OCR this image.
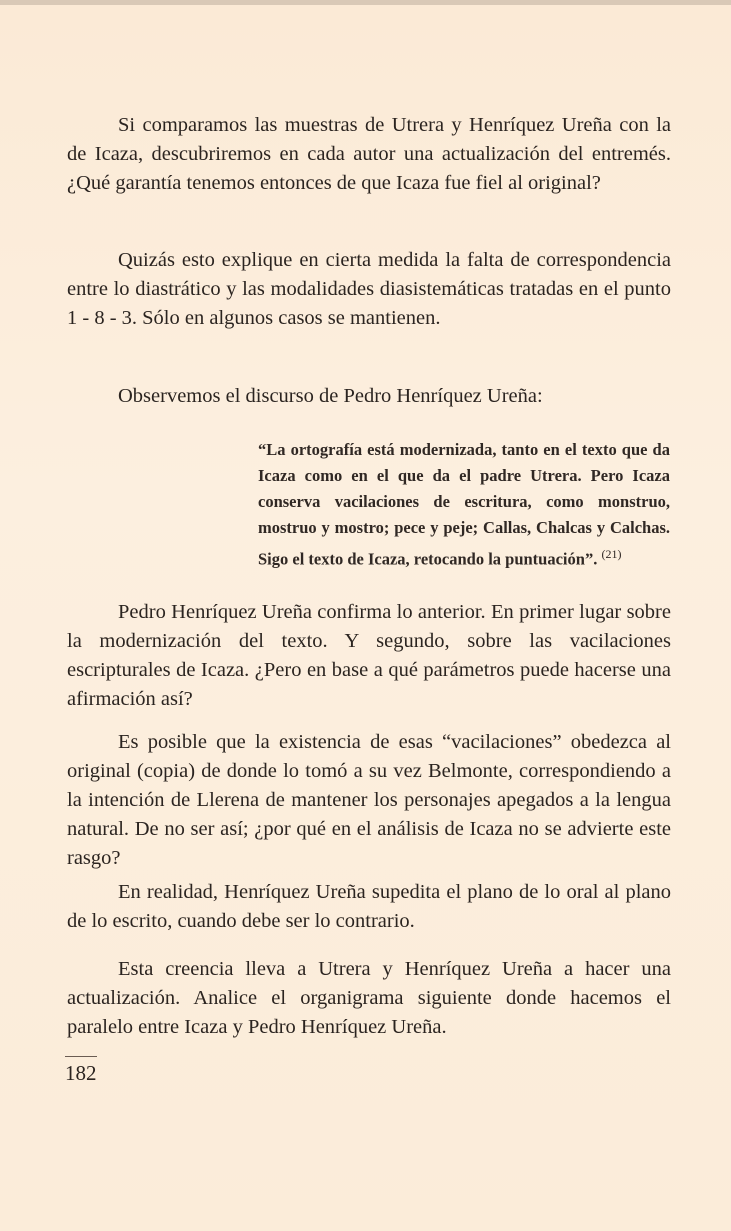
Si comparamos las muestras de Utrera y Henríquez Ureña con la de Icaza, descubriremos en cada autor una actualización del entremés. ¿Qué garantía tenemos entonces de que Icaza fue fiel al original?

Quizás esto explique en cierta medida la falta de correspondencia entre lo diastrático y las modalidades diasistemáticas tratadas en el punto 1 - 8 - 3. Sólo en algunos casos se mantienen.

Observemos el discurso de Pedro Henríquez Ureña:

“La ortografía está modernizada, tanto en el texto que da Icaza como en el que da el padre Utrera. Pero Icaza conserva vacilaciones de escritura, como monstruo, mostruo y mostro; pece y peje; Callas, Chalcas y Calchas. Sigo el texto de Icaza, retocando la puntuación”. $^{(21)}$

Pedro Henríquez Ureña confirma lo anterior. En primer lugar sobre la modernización del texto. Y segundo, sobre las vacilaciones escripturales de Icaza. ¿Pero en base a qué parámetros puede hacerse una afirmación así?

Es posible que la existencia de esas “vacilaciones” obedezca al original (copia) de donde lo tomó a su vez Belmonte, correspondiendo a la intención de Llerena de mantener los personajes apegados a la lengua natural. De no ser así; ¿por qué en el análisis de Icaza no se advierte este rasgo?

En realidad, Henríquez Ureña supedita el plano de lo oral al plano de lo escrito, cuando debe ser lo contrario.

Esta creencia lleva a Utrera y Henríquez Ureña a hacer una actualización. Analice el organigrama siguiente donde hacemos el paralelo entre Icaza y Pedro Henríquez Ureña.

182
